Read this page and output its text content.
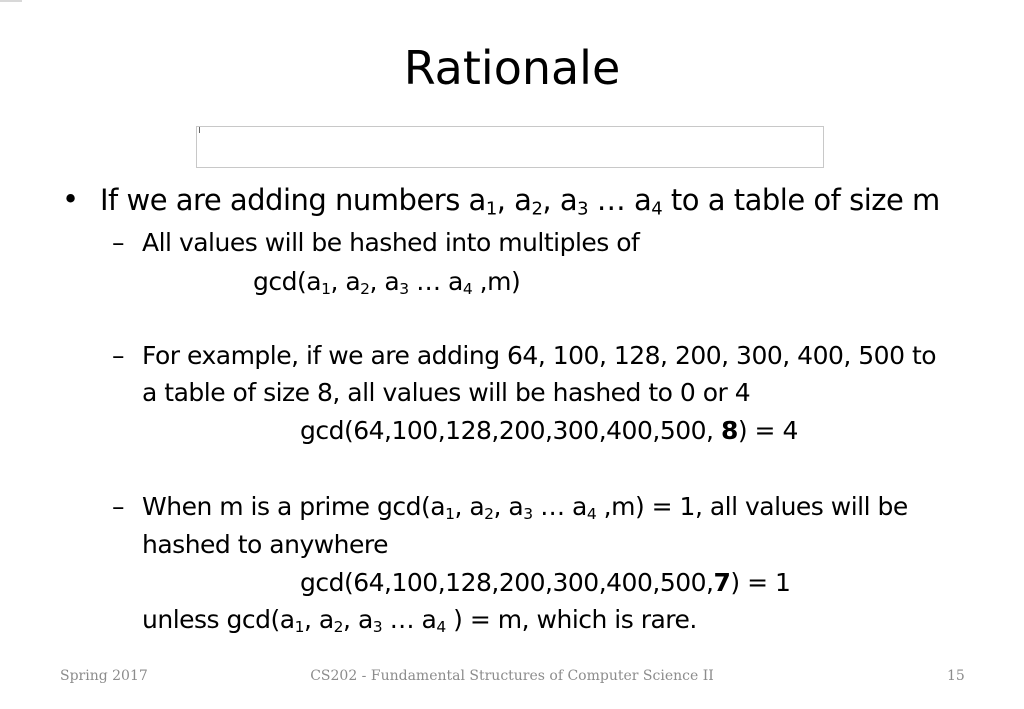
Rationale
• If we are adding numbers $a_1$, $a_2$, $a_3$ … $a_4$ to a table of size m
– All values will be hashed into multiples of
$\gcd(a_1$, $a_2$, $a_3$ … $a_4$ ,m)
– For example, if we are adding 64, 100, 128, 200, 300, 400, 500 to
a table of size 8, all values will be hashed to 0 or 4
gcd(64,100,128,200,300,400,500, 8) = 4
– When m is a prime $\gcd(a_1$, $a_2$, $a_3$ … $a_4$ ,m) = 1, all values will be
hashed to anywhere
gcd(64,100,128,200,300,400,500,7) = 1
unless $\gcd(a_1$, $a_2$, $a_3$ … $a_4$ ) = m, which is rare.
Spring 2017	CS202 - Fundamental Structures of Computer Science II	15
